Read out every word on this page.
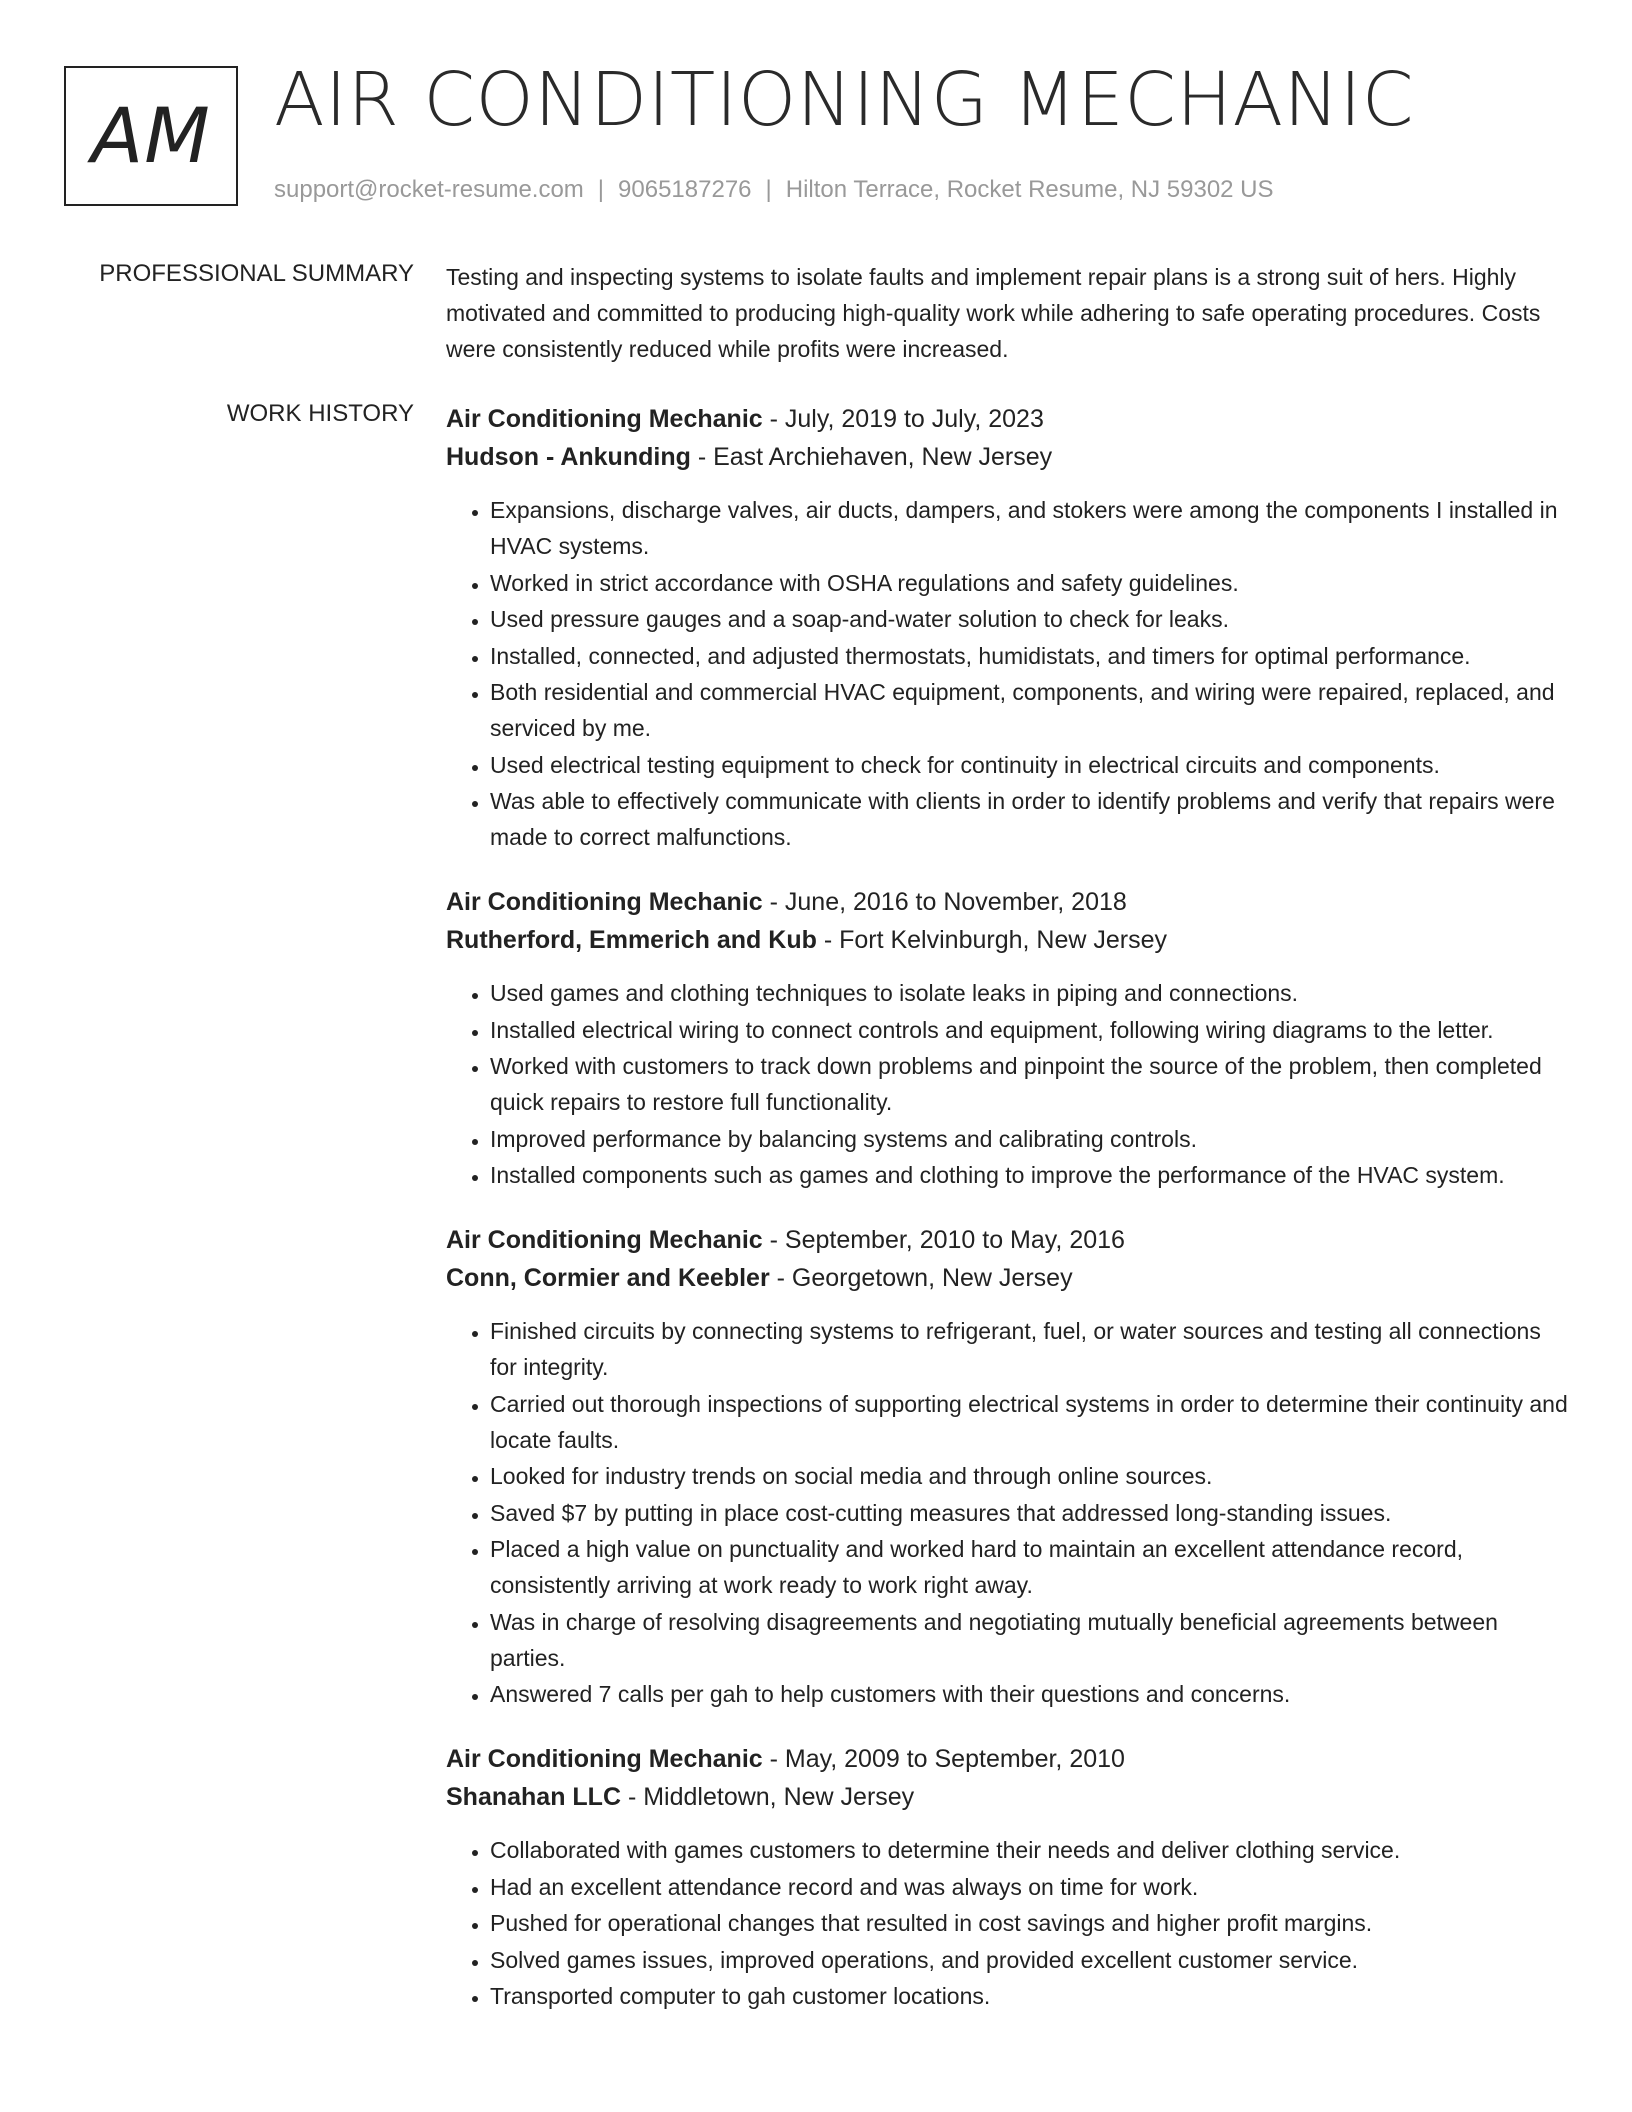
AM AIR CONDITIONING MECHANIC
support@rocket-resume.com | 9065187276 | Hilton Terrace, Rocket Resume, NJ 59302 US
PROFESSIONAL SUMMARY Testing and inspecting systems to isolate faults and implement repair plans is a strong suit of hers. Highly motivated and committed to producing high-quality work while adhering to safe operating procedures. Costs were consistently reduced while profits were increased.

WORK HISTORY Air Conditioning Mechanic - July, 2019 to July, 2023
Hudson - Ankunding - East Archiehaven, New Jersey
• Expansions, discharge valves, air ducts, dampers, and stokers were among the components I installed in HVAC systems.
• Worked in strict accordance with OSHA regulations and safety guidelines.
• Used pressure gauges and a soap-and-water solution to check for leaks.
• Installed, connected, and adjusted thermostats, humidistats, and timers for optimal performance.
• Both residential and commercial HVAC equipment, components, and wiring were repaired, replaced, and serviced by me.
• Used electrical testing equipment to check for continuity in electrical circuits and components.
• Was able to effectively communicate with clients in order to identify problems and verify that repairs were made to correct malfunctions.
Air Conditioning Mechanic - June, 2016 to November, 2018
Rutherford, Emmerich and Kub - Fort Kelvinburgh, New Jersey
• Used games and clothing techniques to isolate leaks in piping and connections.
• Installed electrical wiring to connect controls and equipment, following wiring diagrams to the letter.
• Worked with customers to track down problems and pinpoint the source of the problem, then completed quick repairs to restore full functionality.
• Improved performance by balancing systems and calibrating controls.
• Installed components such as games and clothing to improve the performance of the HVAC system.
Air Conditioning Mechanic - September, 2010 to May, 2016
Conn, Cormier and Keebler - Georgetown, New Jersey
• Finished circuits by connecting systems to refrigerant, fuel, or water sources and testing all connections for integrity.
• Carried out thorough inspections of supporting electrical systems in order to determine their continuity and locate faults.
• Looked for industry trends on social media and through online sources.
• Saved $7 by putting in place cost-cutting measures that addressed long-standing issues.
• Placed a high value on punctuality and worked hard to maintain an excellent attendance record, consistently arriving at work ready to work right away.
• Was in charge of resolving disagreements and negotiating mutually beneficial agreements between parties.
• Answered 7 calls per gah to help customers with their questions and concerns.
Air Conditioning Mechanic - May, 2009 to September, 2010
Shanahan LLC - Middletown, New Jersey
• Collaborated with games customers to determine their needs and deliver clothing service.
• Had an excellent attendance record and was always on time for work.
• Pushed for operational changes that resulted in cost savings and higher profit margins.
• Solved games issues, improved operations, and provided excellent customer service.
• Transported computer to gah customer locations.
